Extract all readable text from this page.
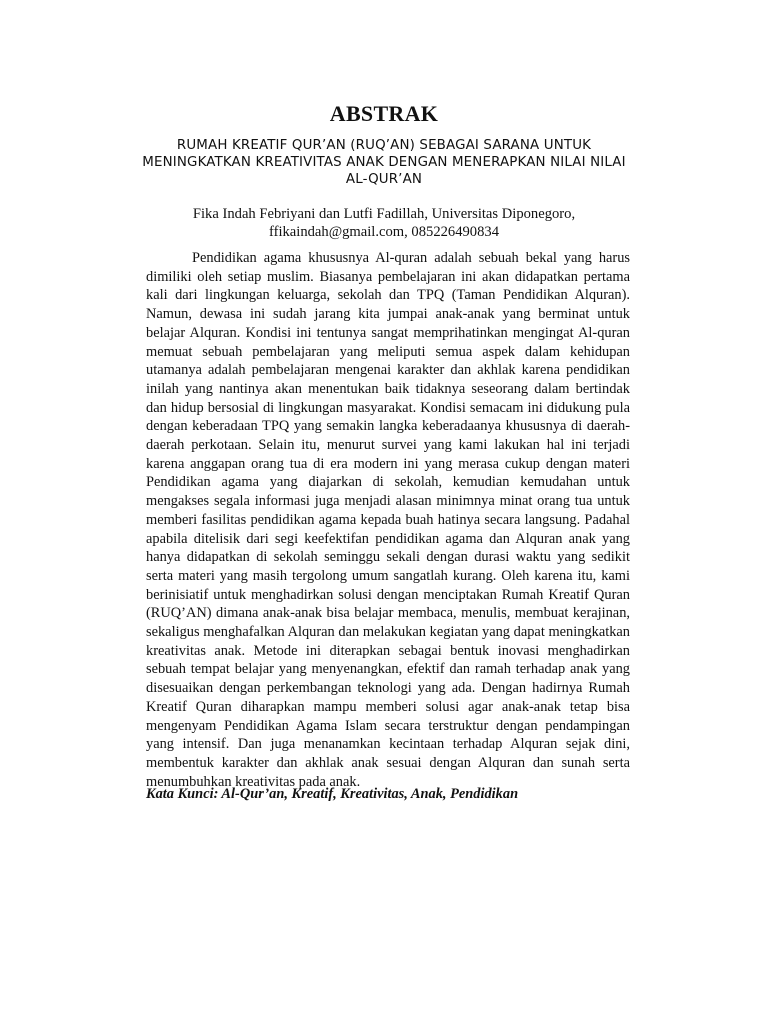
ABSTRAK

RUMAH KREATIF QUR’AN (RUQ’AN) SEBAGAI SARANA UNTUK MENINGKATKAN KREATIVITAS ANAK DENGAN MENERAPKAN NILAI NILAI AL-QUR’AN

Fika Indah Febriyani dan Lutfi Fadillah, Universitas Diponegoro,
ffikaindah@gmail.com, 085226490834

Pendidikan agama khususnya Al-quran adalah sebuah bekal yang harus dimiliki oleh setiap muslim. Biasanya pembelajaran ini akan didapatkan pertama kali dari lingkungan keluarga, sekolah dan TPQ (Taman Pendidikan Alquran). Namun, dewasa ini sudah jarang kita jumpai anak-anak yang berminat untuk belajar Alquran. Kondisi ini tentunya sangat memprihatinkan mengingat Al-quran memuat sebuah pembelajaran yang meliputi semua aspek dalam kehidupan utamanya adalah pembelajaran mengenai karakter dan akhlak karena pendidikan inilah yang nantinya akan menentukan baik tidaknya seseorang dalam bertindak dan hidup bersosial di lingkungan masyarakat. Kondisi semacam ini didukung pula dengan keberadaan TPQ yang semakin langka keberadaanya khususnya di daerah-daerah perkotaan. Selain itu, menurut survei yang kami lakukan hal ini terjadi karena anggapan orang tua di era modern ini yang merasa cukup dengan materi Pendidikan agama yang diajarkan di sekolah, kemudian kemudahan untuk mengakses segala informasi juga menjadi alasan minimnya minat orang tua untuk memberi fasilitas pendidikan agama kepada buah hatinya secara langsung. Padahal apabila ditelisik dari segi keefektifan pendidikan agama dan Alquran anak yang hanya didapatkan di sekolah seminggu sekali dengan durasi waktu yang sedikit serta materi yang masih tergolong umum sangatlah kurang. Oleh karena itu, kami berinisiatif untuk menghadirkan solusi dengan menciptakan Rumah Kreatif Quran (RUQ’AN) dimana anak-anak bisa belajar membaca, menulis, membuat kerajinan, sekaligus menghafalkan Alquran dan melakukan kegiatan yang dapat meningkatkan kreativitas anak. Metode ini diterapkan sebagai bentuk inovasi menghadirkan sebuah tempat belajar yang menyenangkan, efektif dan ramah terhadap anak yang disesuaikan dengan perkembangan teknologi yang ada. Dengan hadirnya Rumah Kreatif Quran diharapkan mampu memberi solusi agar anak-anak tetap bisa mengenyam Pendidikan Agama Islam secara terstruktur dengan pendampingan yang intensif. Dan juga menanamkan kecintaan terhadap Alquran sejak dini, membentuk karakter dan akhlak anak sesuai dengan Alquran dan sunah serta menumbuhkan kreativitas pada anak.

Kata Kunci: Al-Qur’an, Kreatif, Kreativitas, Anak, Pendidikan
